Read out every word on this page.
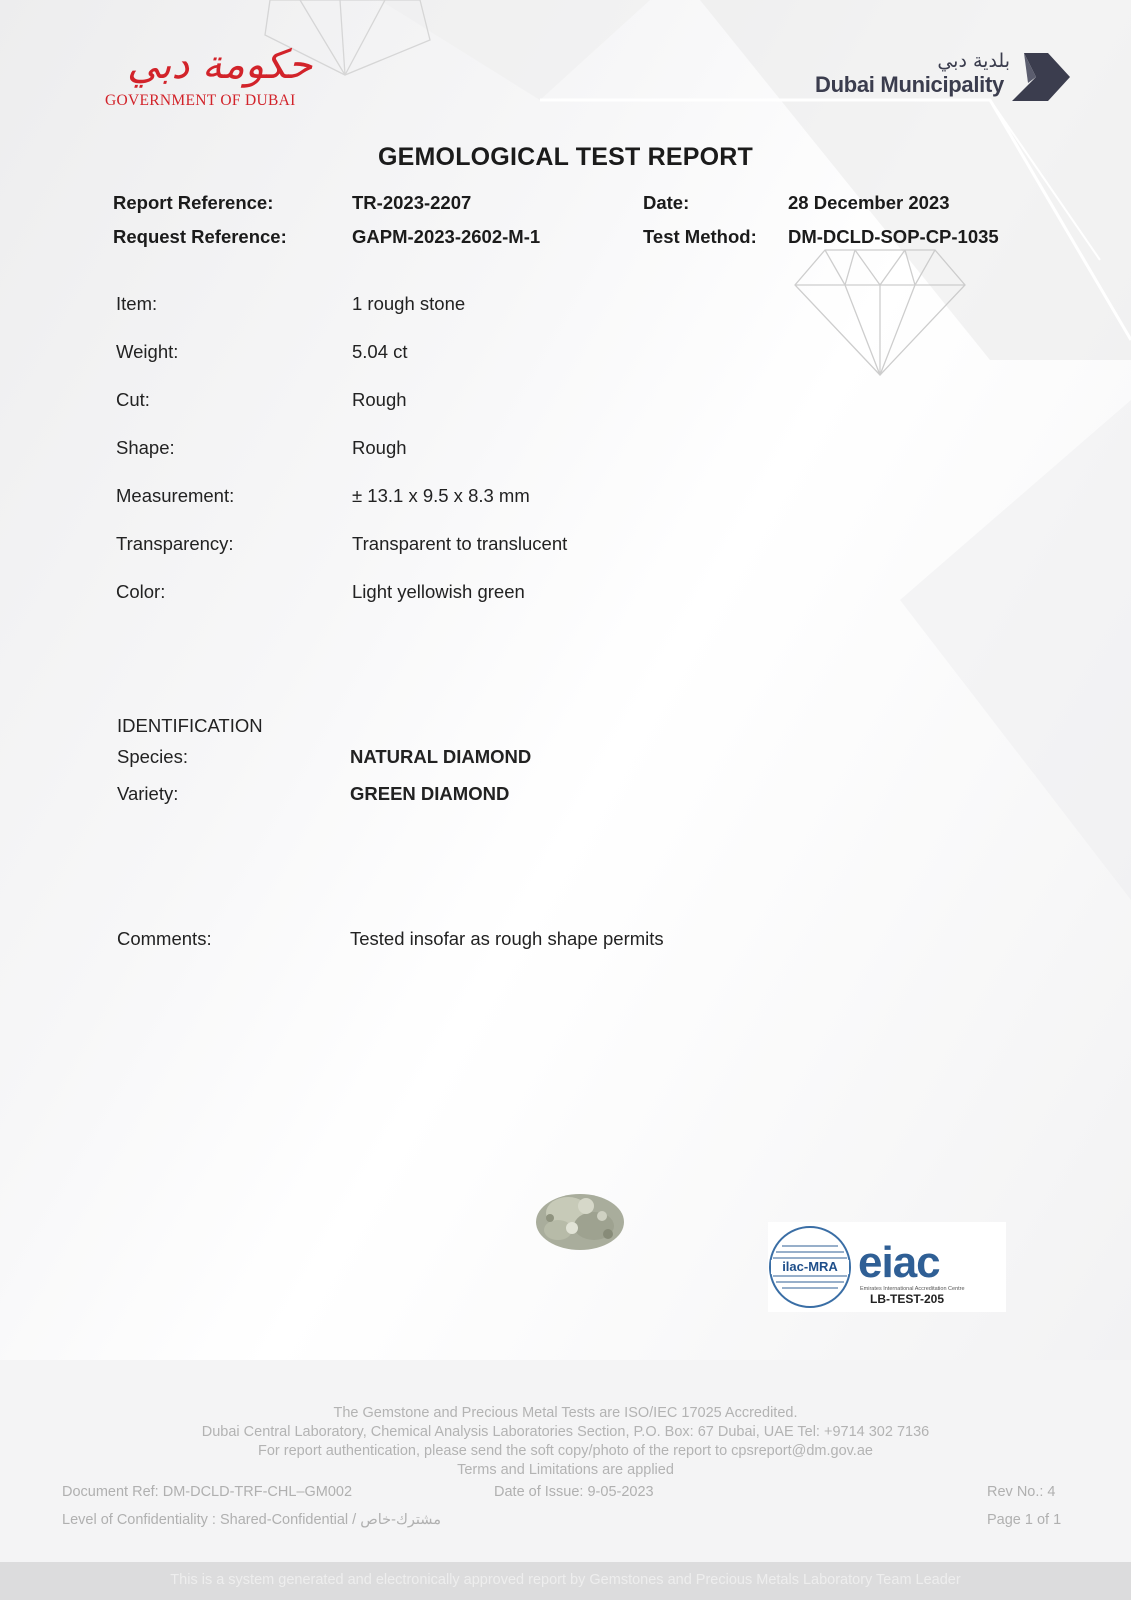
حكومة دبي
GOVERNMENT OF DUBAI
بلدية دبي
Dubai Municipality
GEMOLOGICAL TEST REPORT
Report Reference:	TR-2023-2207	Date:	28 December 2023
Request Reference:	GAPM-2023-2602-M-1	Test Method: DM-DCLD-SOP-CP-1035
Item:	1 rough stone
Weight:	5.04 ct
Cut:	Rough
Shape:	Rough
Measurement:	± 13.1 x 9.5 x 8.3 mm
Transparency:	Transparent to translucent
Color:	Light yellowish green
IDENTIFICATION
Species:	NATURAL DIAMOND
Variety:	GREEN DIAMOND
Comments:	Tested insofar as rough shape permits
ilac-MRA eiac
Emirates International Accreditation Centre
LB-TEST-205
The Gemstone and Precious Metal Tests are ISO/IEC 17025 Accredited.
Dubai Central Laboratory, Chemical Analysis Laboratories Section, P.O. Box: 67 Dubai, UAE Tel: +9714 302 7136
For report authentication, please send the soft copy/photo of the report to cpsreport@dm.gov.ae
Terms and Limitations are applied
Document Ref: DM-DCLD-TRF-CHL–GM002	Date of Issue: 9-05-2023	Rev No.: 4
Level of Confidentiality : Shared-Confidential / مشترك-خاص	Page 1 of 1
This is a system generated and electronically approved report by Gemstones and Precious Metals Laboratory Team Leader
